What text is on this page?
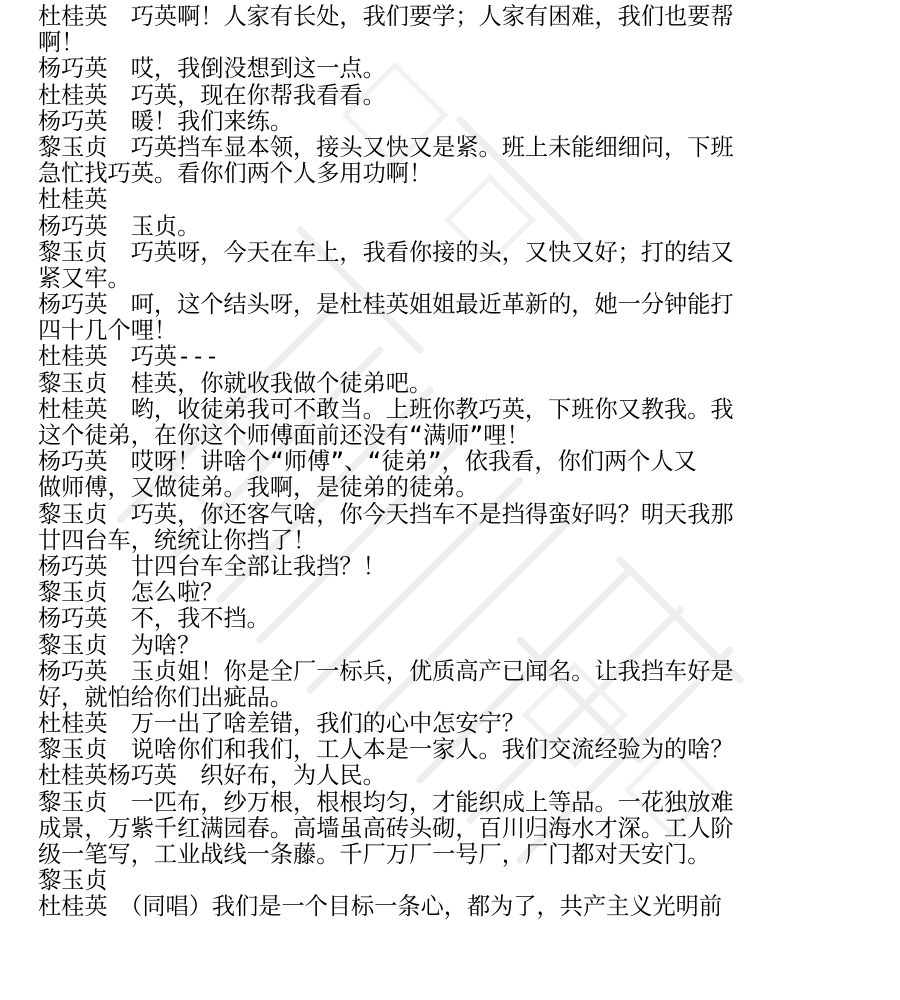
杜桂英　巧英啊！人家有长处，我们要学；人家有困难，我们也要帮
啊！
杨巧英　哎，我倒没想到这一点。
杜桂英　巧英，现在你帮我看看。
杨巧英　暖！我们来练。
黎玉贞　巧英挡车显本领，接头又快又是紧。班上未能细细问，下班
急忙找巧英。看你们两个人多用功啊！
杜桂英
杨巧英　玉贞。
黎玉贞　巧英呀，今天在车上，我看你接的头，又快又好；打的结又
紧又牢。
杨巧英　呵，这个结头呀，是杜桂英姐姐最近革新的，她一分钟能打
四十几个哩！
杜桂英　巧英---
黎玉贞　桂英，你就收我做个徒弟吧。
杜桂英　哟，收徒弟我可不敢当。上班你教巧英，下班你又教我。我
这个徒弟，在你这个师傅面前还没有“满师”哩！
杨巧英　哎呀！讲啥个“师傅”、“徒弟”，依我看，你们两个人又
做师傅，又做徒弟。我啊，是徒弟的徒弟。
黎玉贞　巧英，你还客气啥，你今天挡车不是挡得蛮好吗？明天我那
廿四台车，统统让你挡了！
杨巧英　廿四台车全部让我挡？！
黎玉贞　怎么啦？
杨巧英　不，我不挡。
黎玉贞　为啥？
杨巧英　玉贞姐！你是全厂一标兵，优质高产已闻名。让我挡车好是
好，就怕给你们出疵品。
杜桂英　万一出了啥差错，我们的心中怎安宁？
黎玉贞　说啥你们和我们，工人本是一家人。我们交流经验为的啥？
杜桂英杨巧英　织好布，为人民。
黎玉贞　一匹布，纱万根，根根均匀，才能织成上等品。一花独放难
成景，万紫千红满园春。高墙虽高砖头砌，百川归海水才深。工人阶
级一笔写，工业战线一条藤。千厂万厂一号厂，厂门都对天安门。
黎玉贞
杜桂英　（同唱）我们是一个目标一条心，都为了，共产主义光明前
